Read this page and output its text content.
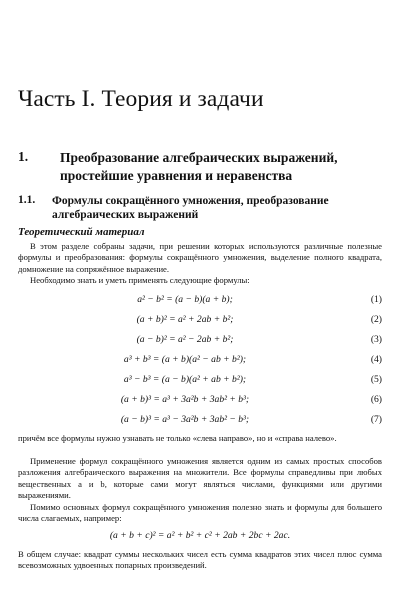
Часть I. Теория и задачи
1. Преобразование алгебраических выражений, простейшие уравнения и неравенства
1.1. Формулы сокращённого умножения, преобразование алгебраических выражений
Теоретический материал

В этом разделе собраны задачи, при решении которых используются различные полезные формулы и преобразования: формулы сокращённого умножения, выделение полного квадрата, домножение на сопряжённое выражение.

Необходимо знать и уметь применять следующие формулы:

a² − b² = (a − b)(a + b);	(1)
(a + b)² = a² + 2ab + b²;	(2)
(a − b)² = a² − 2ab + b²;	(3)
a³ + b³ = (a + b)(a² − ab + b²);	(4)
a³ − b³ = (a − b)(a² + ab + b²);	(5)
(a + b)³ = a³ + 3a²b + 3ab² + b³;	(6)
(a − b)³ = a³ − 3a²b + 3ab² − b³;	(7)

причём все формулы нужно узнавать не только «слева направо», но и «справа налево».

Применение формул сокращённого умножения является одним из самых простых способов разложения алгебраического выражения на множители. Все формулы справедливы при любых вещественных a и b, которые сами могут являться числами, функциями или другими выражениями.

Помимо основных формул сокращённого умножения полезно знать и формулы для большего числа слагаемых, например:

(a + b + c)² = a² + b² + c² + 2ab + 2bc + 2ac.

В общем случае: квадрат суммы нескольких чисел есть сумма квадратов этих чисел плюс сумма всевозможных удвоенных попарных произведений.
